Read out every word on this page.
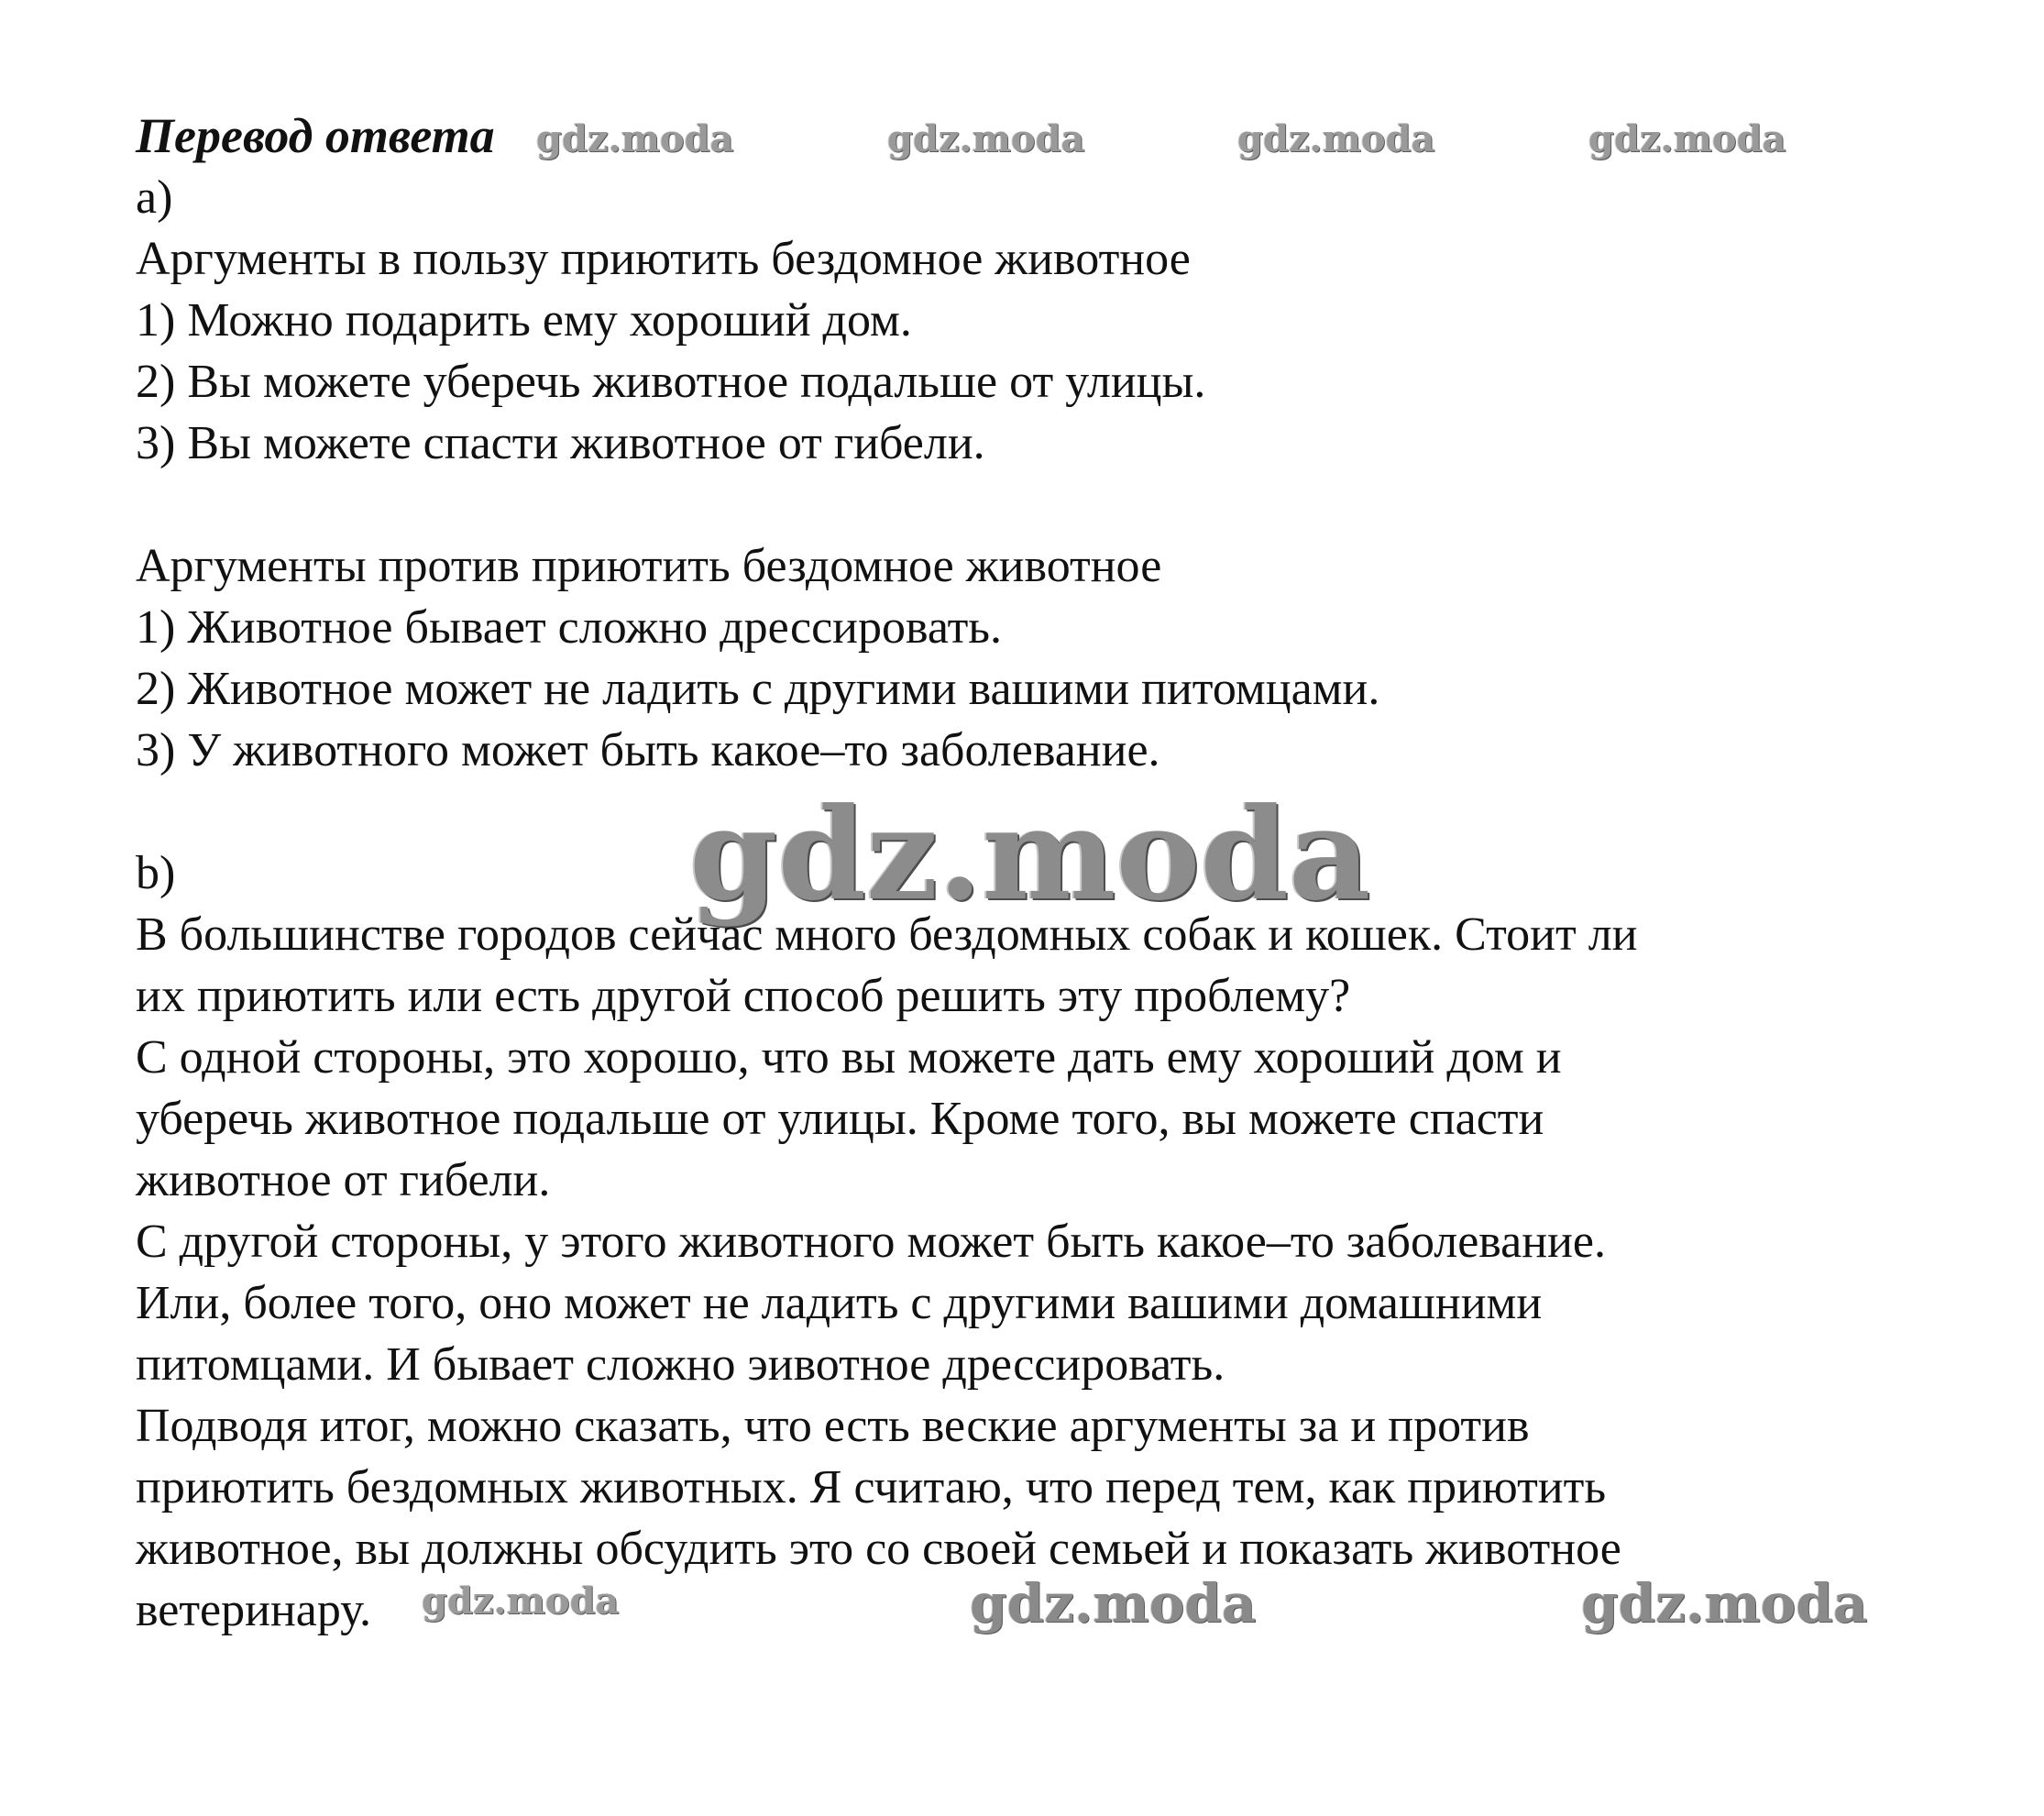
Перевод ответа gdz.moda	gdz.moda	gdz.moda	gdz.moda
a)
Аргументы в пользу приютить бездомное животное
1) Можно подарить ему хороший дом.
2) Вы можете уберечь животное подальше от улицы.
3) Вы можете спасти животное от гибели.
Аргументы против приютить бездомное животное
1) Животное бывает сложно дрессировать.
2) Животное может не ладить с другими вашими питомцами.
3) У животного может быть какое–то заболевание.
gdz.moda
b)
В большинстве городов сейчас много бездомных собак и кошек. Стоит ли
их приютить или есть другой способ решить эту проблему?
С одной стороны, это хорошо, что вы можете дать ему хороший дом и
уберечь животное подальше от улицы. Кроме того, вы можете спасти
животное от гибели.
С другой стороны, у этого животного может быть какое–то заболевание.
Или, более того, оно может не ладить с другими вашими домашними
питомцами. И бывает сложно эивотное дрессировать.
Подводя итог, можно сказать, что есть веские аргументы за и против
приютить бездомных животных. Я считаю, что перед тем, как приютить
животное, вы должны обсудить это со своей семьей и показать животное
ветеринару. gdz.moda	gdz.moda	gdz.moda
